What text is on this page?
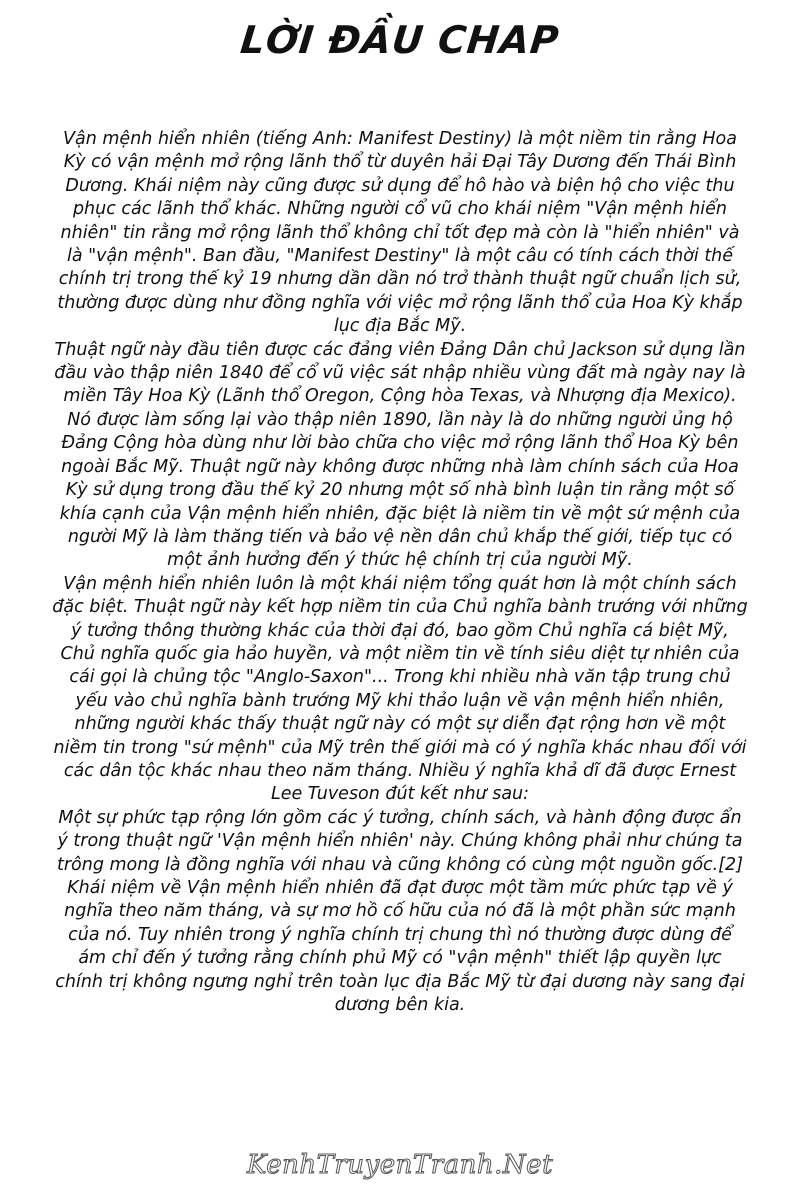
LỜI ĐẦU CHAP

Vận mệnh hiển nhiên (tiếng Anh: Manifest Destiny) là một niềm tin rằng Hoa Kỳ có vận mệnh mở rộng lãnh thổ từ duyên hải Đại Tây Dương đến Thái Bình Dương. Khái niệm này cũng được sử dụng để hô hào và biện hộ cho việc thu phục các lãnh thổ khác. Những người cổ vũ cho khái niệm "Vận mệnh hiển nhiên" tin rằng mở rộng lãnh thổ không chỉ tốt đẹp mà còn là "hiển nhiên" và là "vận mệnh". Ban đầu, "Manifest Destiny" là một câu có tính cách thời thế chính trị trong thế kỷ 19 nhưng dần dần nó trở thành thuật ngữ chuẩn lịch sử, thường được dùng như đồng nghĩa với việc mở rộng lãnh thổ của Hoa Kỳ khắp lục địa Bắc Mỹ.

Thuật ngữ này đầu tiên được các đảng viên Đảng Dân chủ Jackson sử dụng lần đầu vào thập niên 1840 để cổ vũ việc sát nhập nhiều vùng đất mà ngày nay là miền Tây Hoa Kỳ (Lãnh thổ Oregon, Cộng hòa Texas, và Nhượng địa Mexico). Nó được làm sống lại vào thập niên 1890, lần này là do những người ủng hộ Đảng Cộng hòa dùng như lời bào chữa cho việc mở rộng lãnh thổ Hoa Kỳ bên ngoài Bắc Mỹ. Thuật ngữ này không được những nhà làm chính sách của Hoa Kỳ sử dụng trong đầu thế kỷ 20 nhưng một số nhà bình luận tin rằng một số khía cạnh của Vận mệnh hiển nhiên, đặc biệt là niềm tin về một sứ mệnh của người Mỹ là làm thăng tiến và bảo vệ nền dân chủ khắp thế giới, tiếp tục có một ảnh hưởng đến ý thức hệ chính trị của người Mỹ.

Vận mệnh hiển nhiên luôn là một khái niệm tổng quát hơn là một chính sách đặc biệt. Thuật ngữ này kết hợp niềm tin của Chủ nghĩa bành trướng với những ý tưởng thông thường khác của thời đại đó, bao gồm Chủ nghĩa cá biệt Mỹ, Chủ nghĩa quốc gia hảo huyền, và một niềm tin về tính siêu diệt tự nhiên của cái gọi là chủng tộc "Anglo-Saxon"... Trong khi nhiều nhà văn tập trung chủ yếu vào chủ nghĩa bành trướng Mỹ khi thảo luận về vận mệnh hiển nhiên, những người khác thấy thuật ngữ này có một sự diễn đạt rộng hơn về một niềm tin trong "sứ mệnh" của Mỹ trên thế giới mà có ý nghĩa khác nhau đối với các dân tộc khác nhau theo năm tháng. Nhiều ý nghĩa khả dĩ đã được Ernest Lee Tuveson đút kết như sau:

Một sự phức tạp rộng lớn gồm các ý tưởng, chính sách, và hành động được ẩn ý trong thuật ngữ 'Vận mệnh hiển nhiên' này. Chúng không phải như chúng ta trông mong là đồng nghĩa với nhau và cũng không có cùng một nguồn gốc.[2] Khái niệm về Vận mệnh hiển nhiên đã đạt được một tầm mức phức tạp về ý nghĩa theo năm tháng, và sự mơ hồ cố hữu của nó đã là một phần sức mạnh của nó. Tuy nhiên trong ý nghĩa chính trị chung thì nó thường được dùng để ám chỉ đến ý tưởng rằng chính phủ Mỹ có "vận mệnh" thiết lập quyền lực chính trị không ngưng nghỉ trên toàn lục địa Bắc Mỹ từ đại dương này sang đại dương bên kia.

KenhTruyenTranh.Net
